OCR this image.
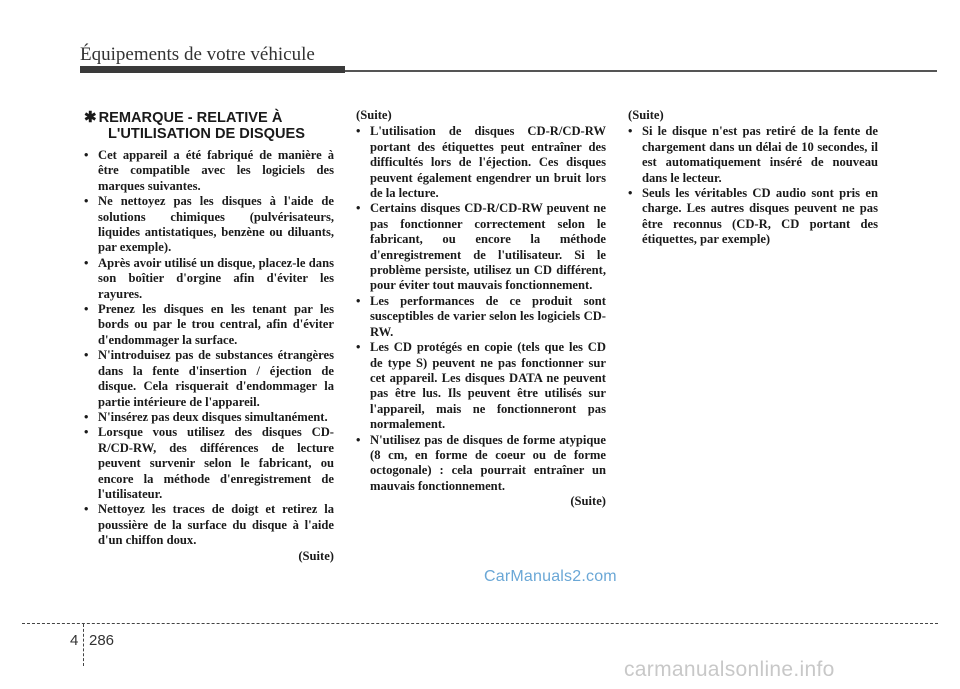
Équipements de votre véhicule
✱ REMARQUE - RELATIVE À
L'UTILISATION DE DISQUES
• Cet appareil a été fabriqué de manière à être compatible avec les logiciels des marques suivantes.
• Ne nettoyez pas les disques à l'aide de solutions chimiques (pulvérisateurs, liquides antistatiques, benzène ou diluants, par exemple).
• Après avoir utilisé un disque, placez-le dans son boîtier d'orgine afin d'éviter les rayures.
• Prenez les disques en les tenant par les bords ou par le trou central, afin d'éviter d'endommager la surface.
• N'introduisez pas de substances étrangères dans la fente d'insertion / éjection de disque. Cela risquerait d'endommager la partie intérieure de l'appareil.
• N'insérez pas deux disques simultanément.
• Lorsque vous utilisez des disques CD-R/CD-RW, des différences de lecture peuvent survenir selon le fabricant, ou encore la méthode d'enregistrement de l'utilisateur.
• Nettoyez les traces de doigt et retirez la poussière de la surface du disque à l'aide d'un chiffon doux.
(Suite)
(Suite)
• L'utilisation de disques CD-R/CD-RW portant des étiquettes peut entraîner des difficultés lors de l'éjection. Ces disques peuvent également engendrer un bruit lors de la lecture.
• Certains disques CD-R/CD-RW peuvent ne pas fonctionner correctement selon le fabricant, ou encore la méthode d'enregistrement de l'utilisateur. Si le problème persiste, utilisez un CD différent, pour éviter tout mauvais fonctionnement.
• Les performances de ce produit sont susceptibles de varier selon les logiciels CD-RW.
• Les CD protégés en copie (tels que les CD de type S) peuvent ne pas fonctionner sur cet appareil. Les disques DATA ne peuvent pas être lus. Ils peuvent être utilisés sur l'appareil, mais ne fonctionneront pas normalement.
• N'utilisez pas de disques de forme atypique (8 cm, en forme de coeur ou de forme octogonale) : cela pourrait entraîner un mauvais fonctionnement.
(Suite)
(Suite)
• Si le disque n'est pas retiré de la fente de chargement dans un délai de 10 secondes, il est automatiquement inséré de nouveau dans le lecteur.
• Seuls les véritables CD audio sont pris en charge. Les autres disques peuvent ne pas être reconnus (CD-R, CD portant des étiquettes, par exemple)
CarManuals2.com
4 286
carmanualsonline.info
